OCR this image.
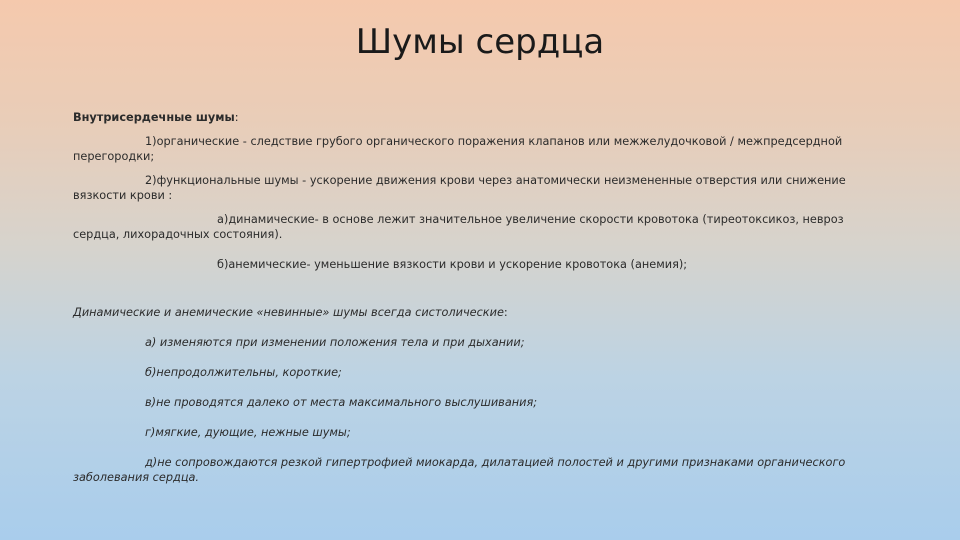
Шумы сердца

Внутрисердечные шумы:

1)органические - следствие грубого органического поражения клапанов или межжелудочковой / межпредсердной перегородки;

2)функциональные шумы - ускорение движения крови через анатомически неизмененные отверстия или снижение вязкости крови :

а)динамические- в основе лежит значительное увеличение скорости кровотока (тиреотоксикоз, невроз сердца, лихорадочных состояния).

б)анемические- уменьшение вязкости крови и ускорение кровотока (анемия);

Динамические и анемические «невинные» шумы всегда систолические:

а) изменяются при изменении положения тела и при дыхании;

б)непродолжительны, короткие;

в)не проводятся далеко от места максимального выслушивания;

г)мягкие, дующие, нежные шумы;

д)не сопровождаются резкой гипертрофией миокарда, дилатацией полостей и другими признаками органического заболевания сердца.
